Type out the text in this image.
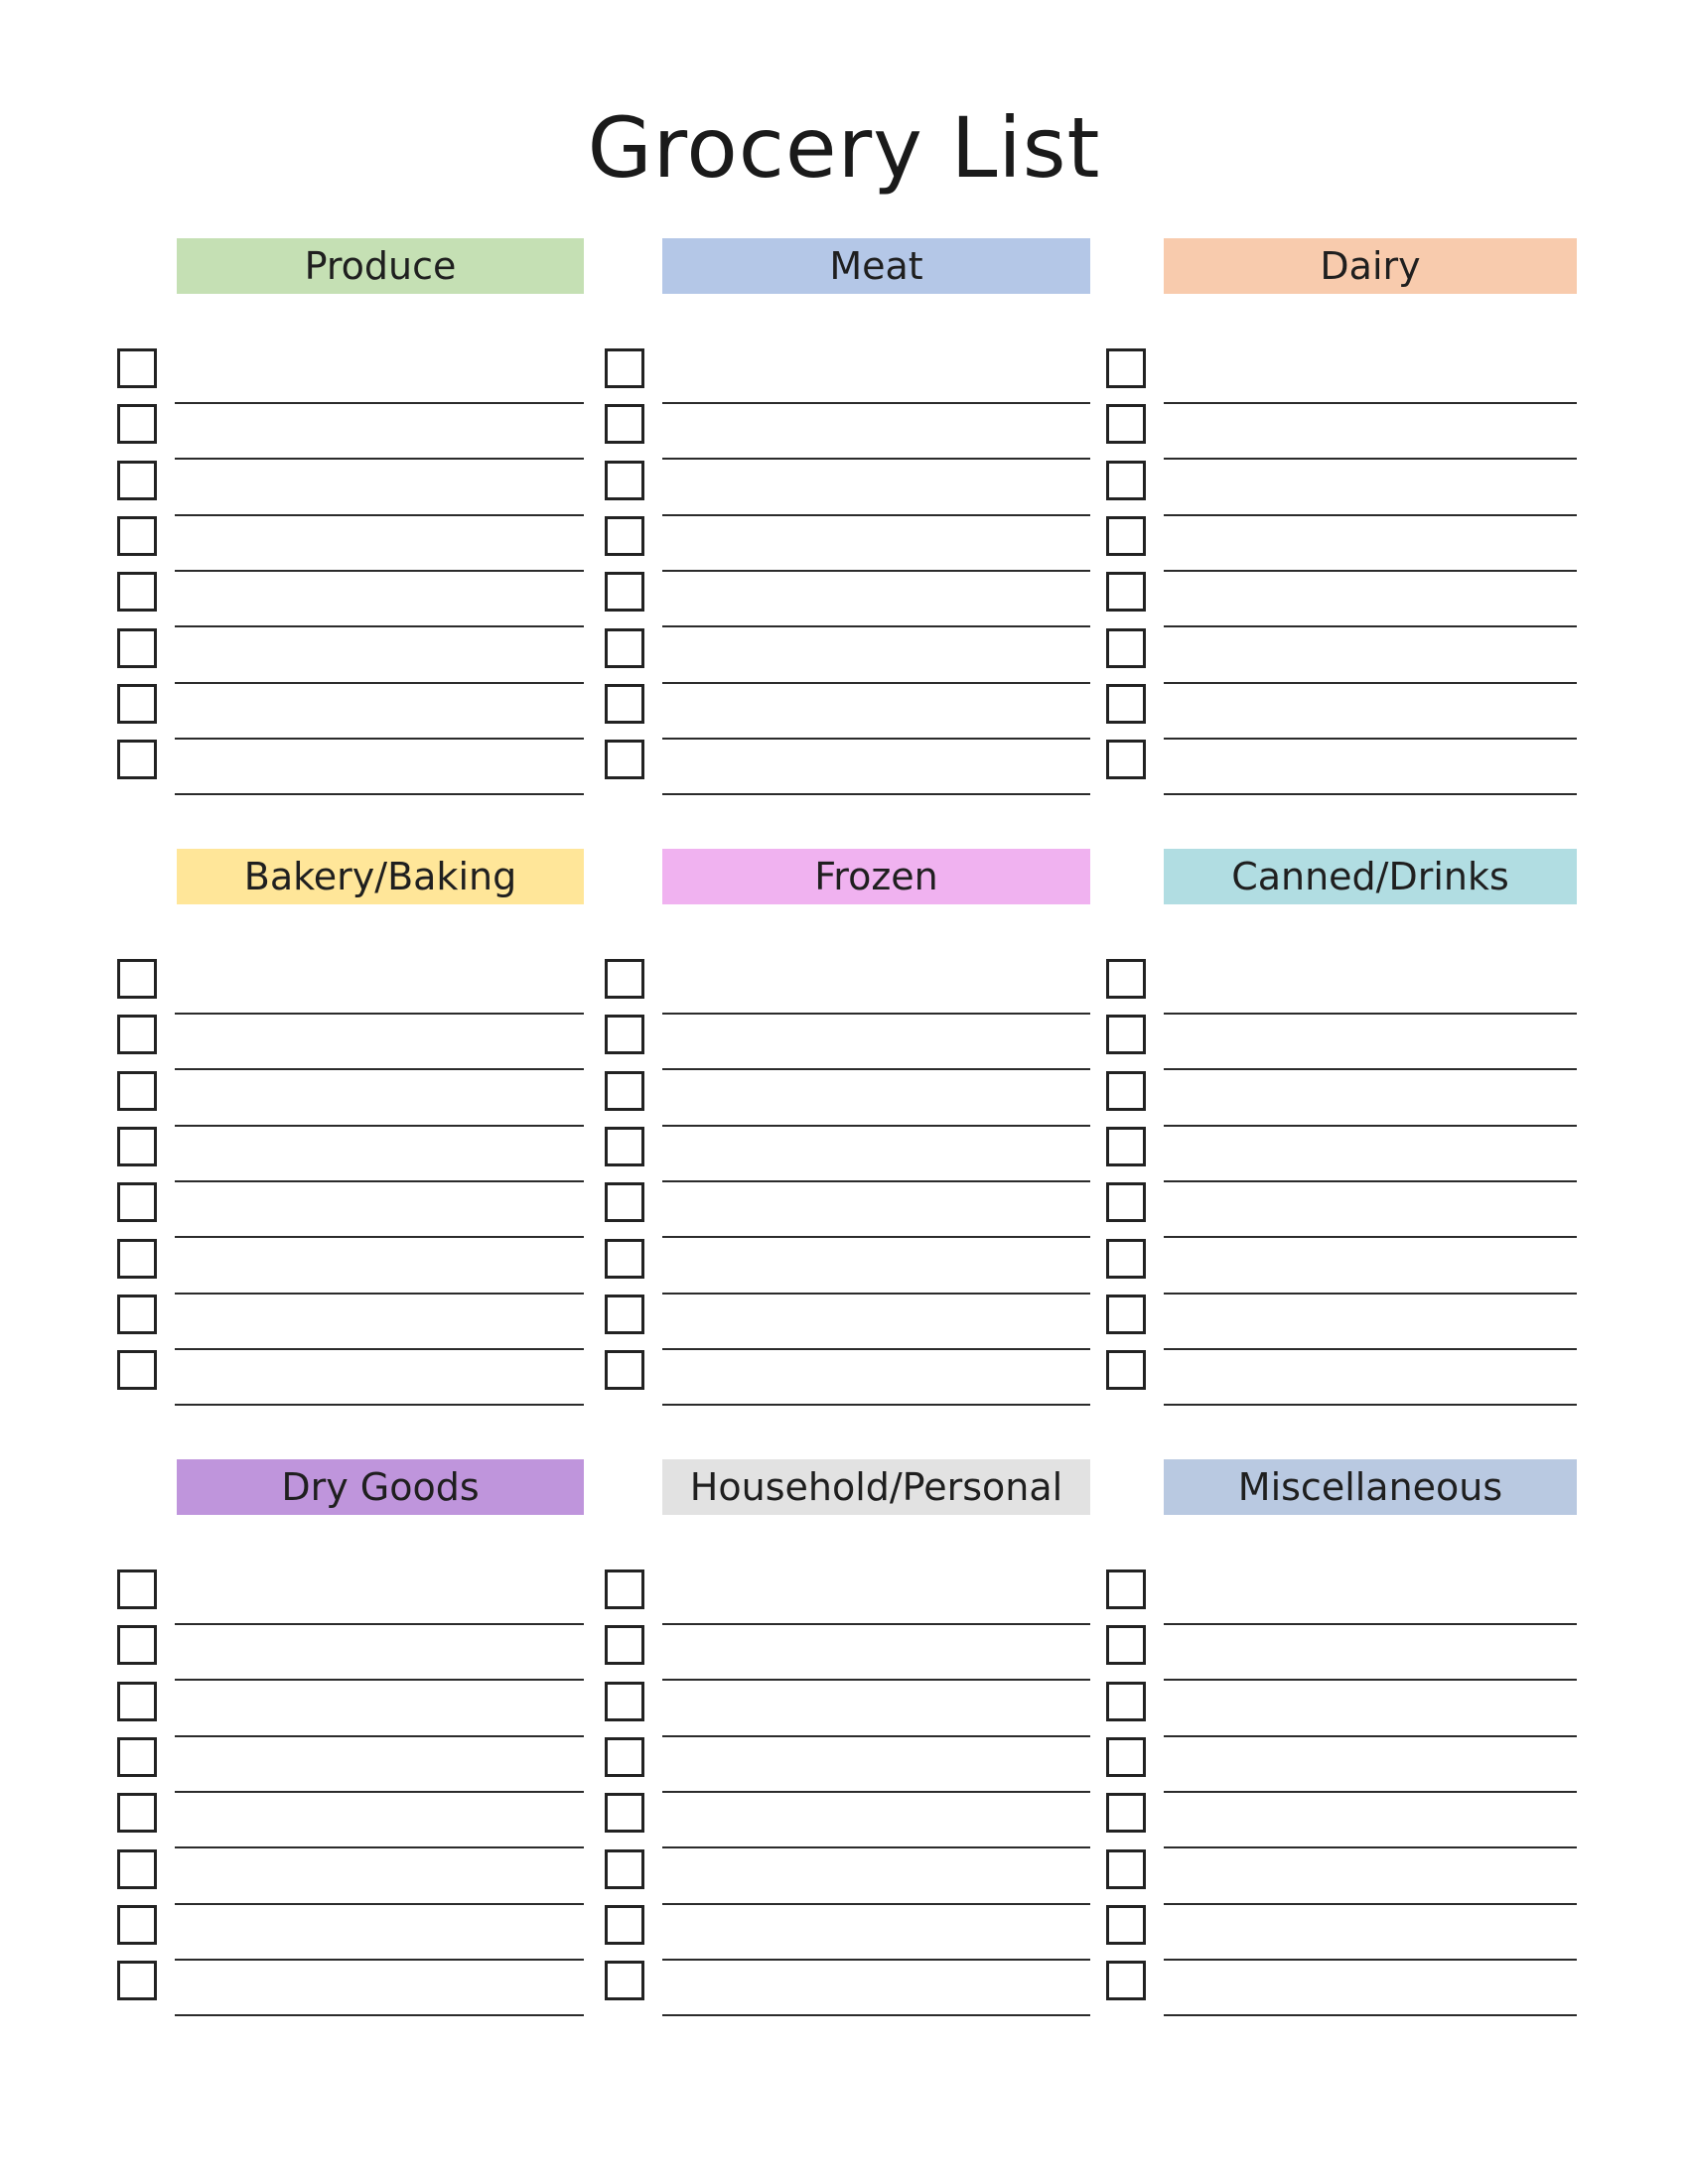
Grocery List
Produce	Meat	Dairy
Bakery/Baking	Frozen	Canned/Drinks
Dry Goods	Household/Personal	Miscellaneous
